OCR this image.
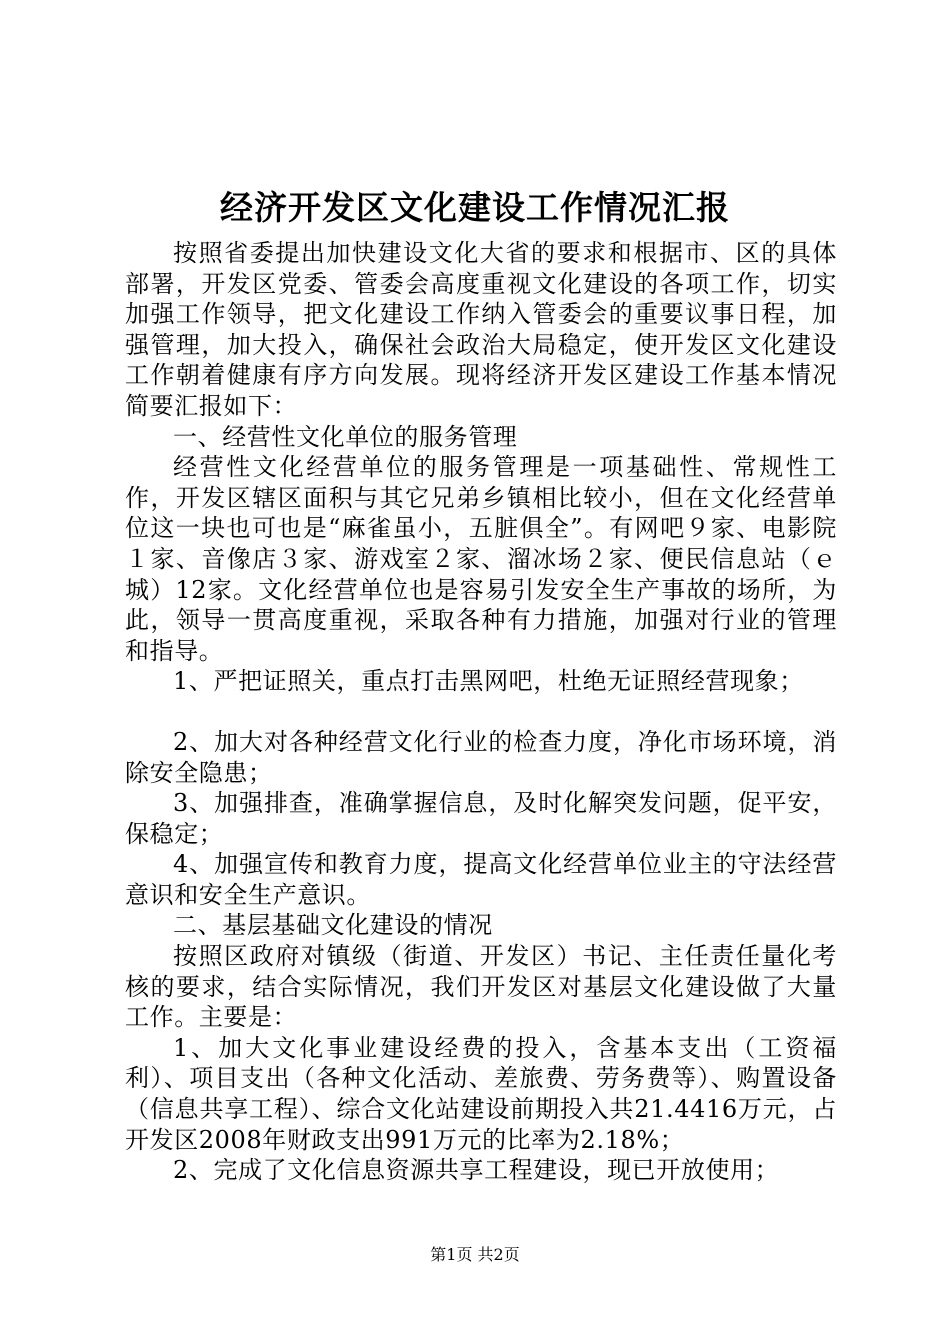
经济开发区文化建设工作情况汇报

按照省委提出加快建设文化大省的要求和根据市、区的具体部署，开发区党委、管委会高度重视文化建设的各项工作，切实加强工作领导，把文化建设工作纳入管委会的重要议事日程，加强管理，加大投入，确保社会政治大局稳定，使开发区文化建设工作朝着健康有序方向发展。现将经济开发区建设工作基本情况简要汇报如下：

一、经营性文化单位的服务管理

经营性文化经营单位的服务管理是一项基础性、常规性工作，开发区辖区面积与其它兄弟乡镇相比较小，但在文化经营单位这一块也可也是“麻雀虽小，五脏俱全”。有网吧９家、电影院１家、音像店３家、游戏室２家、溜冰场２家、便民信息站（ｅ城）12家。文化经营单位也是容易引发安全生产事故的场所，为此，领导一贯高度重视，采取各种有力措施，加强对行业的管理和指导。

1、严把证照关，重点打击黑网吧，杜绝无证照经营现象；

2、加大对各种经营文化行业的检查力度，净化市场环境，消除安全隐患；

3、加强排查，准确掌握信息，及时化解突发问题，促平安，保稳定；

4、加强宣传和教育力度，提高文化经营单位业主的守法经营意识和安全生产意识。

二、基层基础文化建设的情况

按照区政府对镇级（街道、开发区）书记、主任责任量化考核的要求，结合实际情况，我们开发区对基层文化建设做了大量工作。主要是：

1、加大文化事业建设经费的投入，含基本支出（工资福利）、项目支出（各种文化活动、差旅费、劳务费等）、购置设备（信息共享工程）、综合文化站建设前期投入共21.4416万元，占开发区2008年财政支出991万元的比率为2.18%；

2、完成了文化信息资源共享工程建设，现已开放使用；

第1页 共2页
